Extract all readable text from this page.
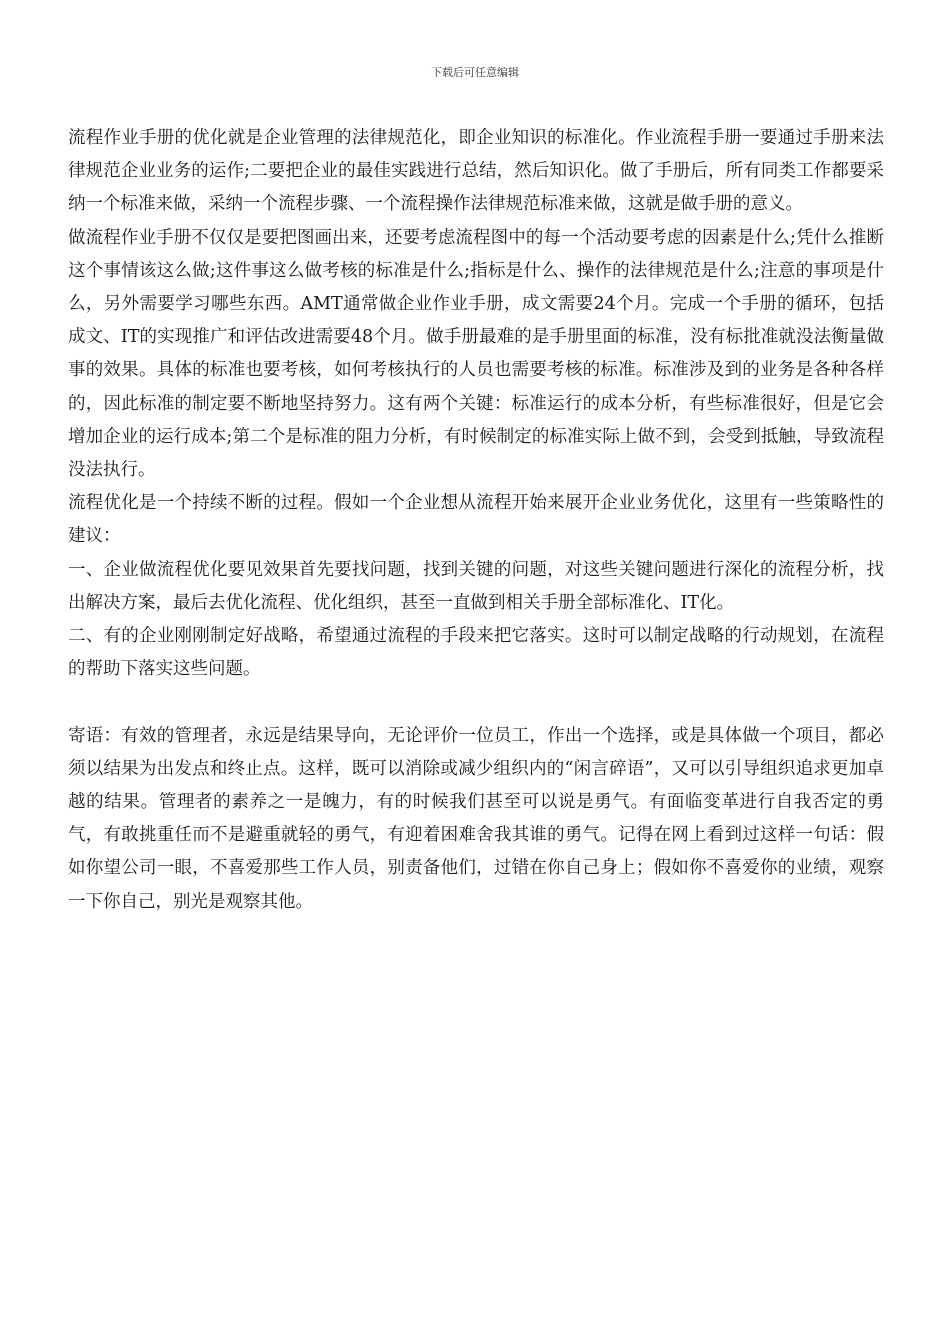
下载后可任意编辑

流程作业手册的优化就是企业管理的法律规范化，即企业知识的标准化。作业流程手册一要通过手册来法律规范企业业务的运作;二要把企业的最佳实践进行总结，然后知识化。做了手册后，所有同类工作都要采纳一个标准来做，采纳一个流程步骤、一个流程操作法律规范标准来做，这就是做手册的意义。

做流程作业手册不仅仅是要把图画出来，还要考虑流程图中的每一个活动要考虑的因素是什么;凭什么推断这个事情该这么做;这件事这么做考核的标准是什么;指标是什么、操作的法律规范是什么;注意的事项是什么，另外需要学习哪些东西。AMT通常做企业作业手册，成文需要24个月。完成一个手册的循环，包括成文、IT的实现推广和评估改进需要48个月。做手册最难的是手册里面的标准，没有标批准就没法衡量做事的效果。具体的标准也要考核，如何考核执行的人员也需要考核的标准。标准涉及到的业务是各种各样的，因此标准的制定要不断地坚持努力。这有两个关键：标准运行的成本分析，有些标准很好，但是它会增加企业的运行成本;第二个是标准的阻力分析，有时候制定的标准实际上做不到，会受到抵触，导致流程没法执行。

流程优化是一个持续不断的过程。假如一个企业想从流程开始来展开企业业务优化，这里有一些策略性的建议：

一、企业做流程优化要见效果首先要找问题，找到关键的问题，对这些关键问题进行深化的流程分析，找出解决方案，最后去优化流程、优化组织，甚至一直做到相关手册全部标准化、IT化。

二、有的企业刚刚制定好战略，希望通过流程的手段来把它落实。这时可以制定战略的行动规划，在流程的帮助下落实这些问题。

寄语：有效的管理者，永远是结果导向，无论评价一位员工，作出一个选择，或是具体做一个项目，都必须以结果为出发点和终止点。这样，既可以消除或减少组织内的“闲言碎语”，又可以引导组织追求更加卓越的结果。管理者的素养之一是魄力，有的时候我们甚至可以说是勇气。有面临变革进行自我否定的勇气，有敢挑重任而不是避重就轻的勇气，有迎着困难舍我其谁的勇气。记得在网上看到过这样一句话：假如你望公司一眼，不喜爱那些工作人员，别责备他们，过错在你自己身上；假如你不喜爱你的业绩，观察一下你自己，别光是观察其他。
